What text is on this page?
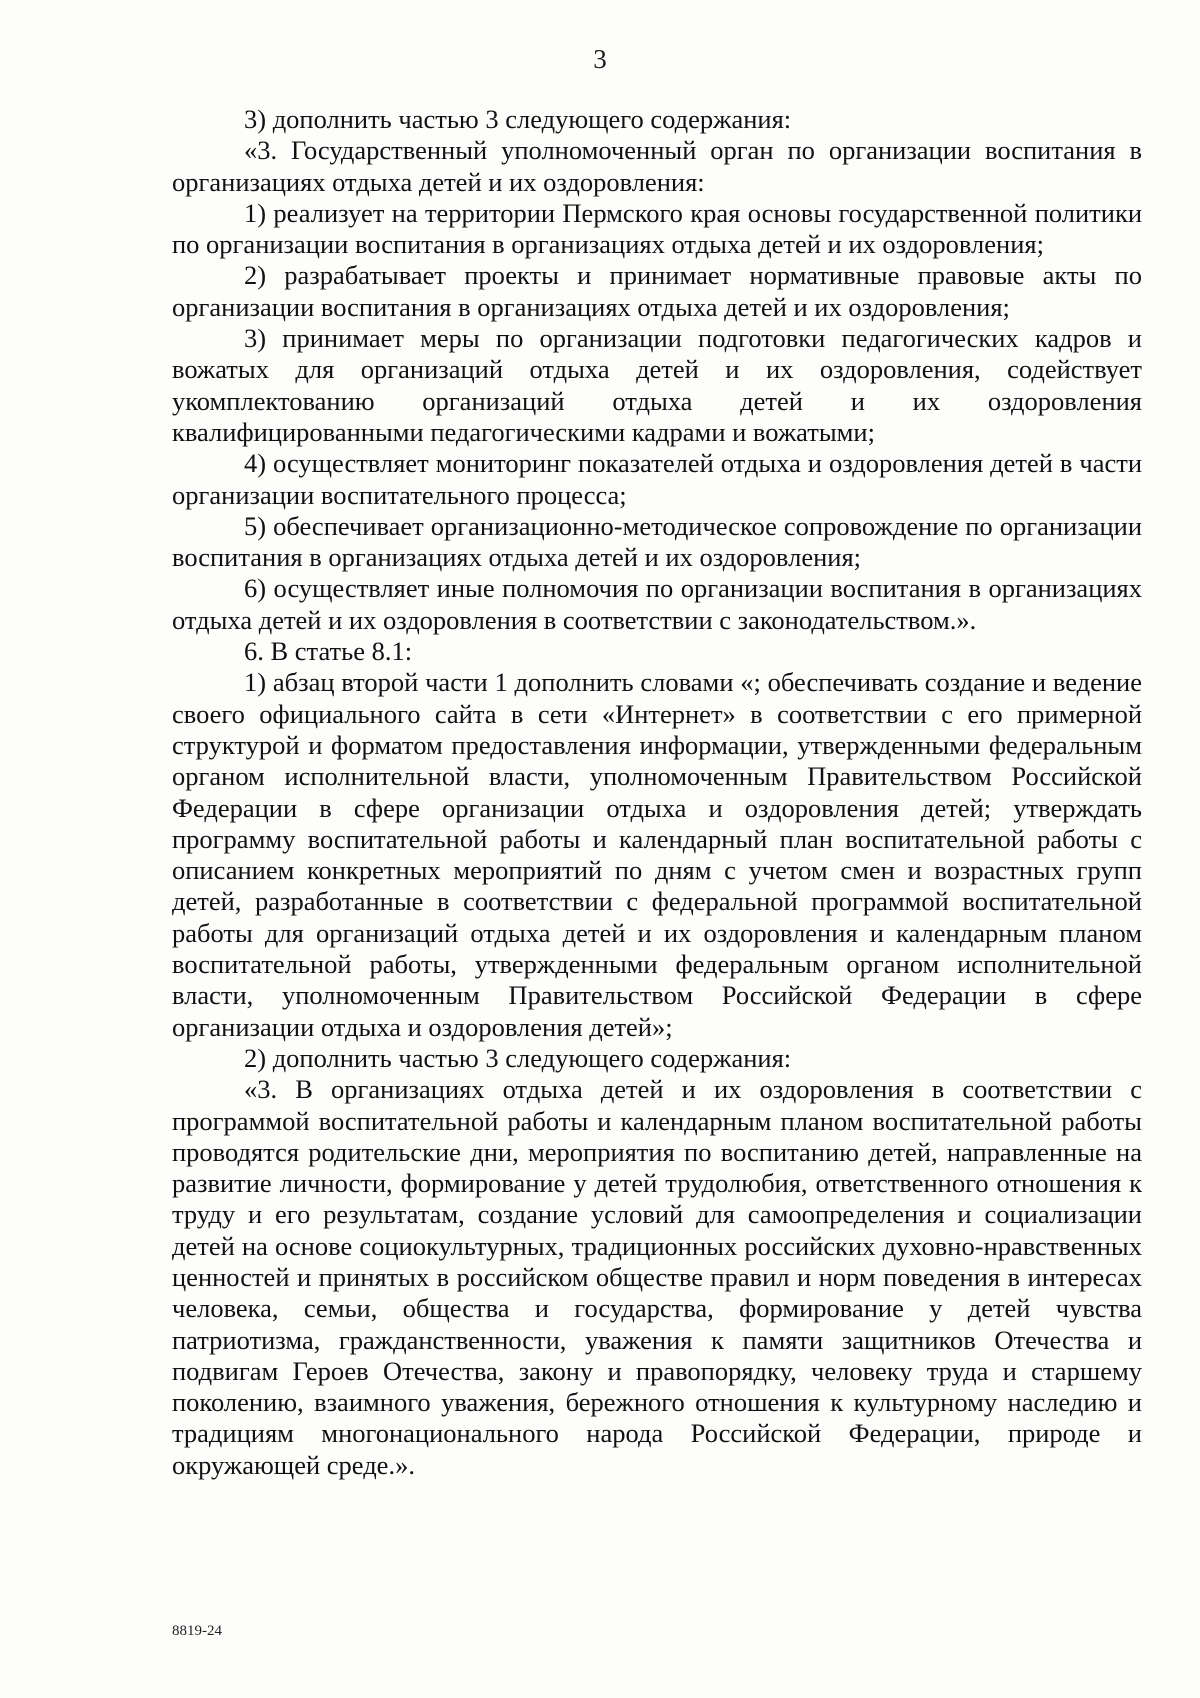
3

3) дополнить частью 3 следующего содержания:

«3. Государственный уполномоченный орган по организации воспитания в организациях отдыха детей и их оздоровления:

1) реализует на территории Пермского края основы государственной политики по организации воспитания в организациях отдыха детей и их оздоровления;

2) разрабатывает проекты и принимает нормативные правовые акты по организации воспитания в организациях отдыха детей и их оздоровления;

3) принимает меры по организации подготовки педагогических кадров и вожатых для организаций отдыха детей и их оздоровления, содействует укомплектованию организаций отдыха детей и их оздоровления квалифицированными педагогическими кадрами и вожатыми;

4) осуществляет мониторинг показателей отдыха и оздоровления детей в части организации воспитательного процесса;

5) обеспечивает организационно-методическое сопровождение по организации воспитания в организациях отдыха детей и их оздоровления;

6) осуществляет иные полномочия по организации воспитания в организациях отдыха детей и их оздоровления в соответствии с законодательством.».

6. В статье 8.1:

1) абзац второй части 1 дополнить словами «; обеспечивать создание и ведение своего официального сайта в сети «Интернет» в соответствии с его примерной структурой и форматом предоставления информации, утвержденными федеральным органом исполнительной власти, уполномоченным Правительством Российской Федерации в сфере организации отдыха и оздоровления детей; утверждать программу воспитательной работы и календарный план воспитательной работы с описанием конкретных мероприятий по дням с учетом смен и возрастных групп детей, разработанные в соответствии с федеральной программой воспитательной работы для организаций отдыха детей и их оздоровления и календарным планом воспитательной работы, утвержденными федеральным органом исполнительной власти, уполномоченным Правительством Российской Федерации в сфере организации отдыха и оздоровления детей»;

2) дополнить частью 3 следующего содержания:

«3. В организациях отдыха детей и их оздоровления в соответствии с программой воспитательной работы и календарным планом воспитательной работы проводятся родительские дни, мероприятия по воспитанию детей, направленные на развитие личности, формирование у детей трудолюбия, ответственного отношения к труду и его результатам, создание условий для самоопределения и социализации детей на основе социокультурных, традиционных российских духовно-нравственных ценностей и принятых в российском обществе правил и норм поведения в интересах человека, семьи, общества и государства, формирование у детей чувства патриотизма, гражданственности, уважения к памяти защитников Отечества и подвигам Героев Отечества, закону и правопорядку, человеку труда и старшему поколению, взаимного уважения, бережного отношения к культурному наследию и традициям многонационального народа Российской Федерации, природе и окружающей среде.».

8819-24
